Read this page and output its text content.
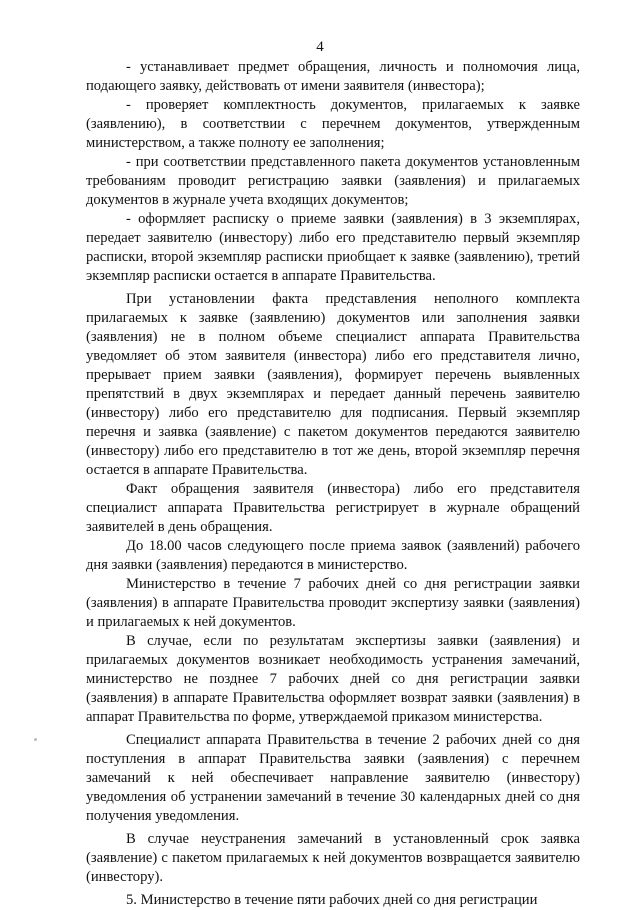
4

- устанавливает предмет обращения, личность и полномочия лица, подающего заявку, действовать от имени заявителя (инвестора);

- проверяет комплектность документов, прилагаемых к заявке (заявлению), в соответствии с перечнем документов, утвержденным министерством, а также полноту ее заполнения;

- при соответствии представленного пакета документов установленным требованиям проводит регистрацию заявки (заявления) и прилагаемых документов в журнале учета входящих документов;

- оформляет расписку о приеме заявки (заявления) в 3 экземплярах, передает заявителю (инвестору) либо его представителю первый экземпляр расписки, второй экземпляр расписки приобщает к заявке (заявлению), третий экземпляр расписки остается в аппарате Правительства.

При установлении факта представления неполного комплекта прилагаемых к заявке (заявлению) документов или заполнения заявки (заявления) не в полном объеме специалист аппарата Правительства уведомляет об этом заявителя (инвестора) либо его представителя лично, прерывает прием заявки (заявления), формирует перечень выявленных препятствий в двух экземплярах и передает данный перечень заявителю (инвестору) либо его представителю для подписания. Первый экземпляр перечня и заявка (заявление) с пакетом документов передаются заявителю (инвестору) либо его представителю в тот же день, второй экземпляр перечня остается в аппарате Правительства.

Факт обращения заявителя (инвестора) либо его представителя специалист аппарата Правительства регистрирует в журнале обращений заявителей в день обращения.

До 18.00 часов следующего после приема заявок (заявлений) рабочего дня заявки (заявления) передаются в министерство.

Министерство в течение 7 рабочих дней со дня регистрации заявки (заявления) в аппарате Правительства проводит экспертизу заявки (заявления) и прилагаемых к ней документов.

В случае, если по результатам экспертизы заявки (заявления) и прилагаемых документов возникает необходимость устранения замечаний, министерство не позднее 7 рабочих дней со дня регистрации заявки (заявления) в аппарате Правительства оформляет возврат заявки (заявления) в аппарат Правительства по форме, утверждаемой приказом министерства.

Специалист аппарата Правительства в течение 2 рабочих дней со дня поступления в аппарат Правительства заявки (заявления) с перечнем замечаний к ней обеспечивает направление заявителю (инвестору) уведомления об устранении замечаний в течение 30 календарных дней со дня получения уведомления.

В случае неустранения замечаний в установленный срок заявка (заявление) с пакетом прилагаемых к ней документов возвращается заявителю (инвестору).

5. Министерство в течение пяти рабочих дней со дня регистрации
